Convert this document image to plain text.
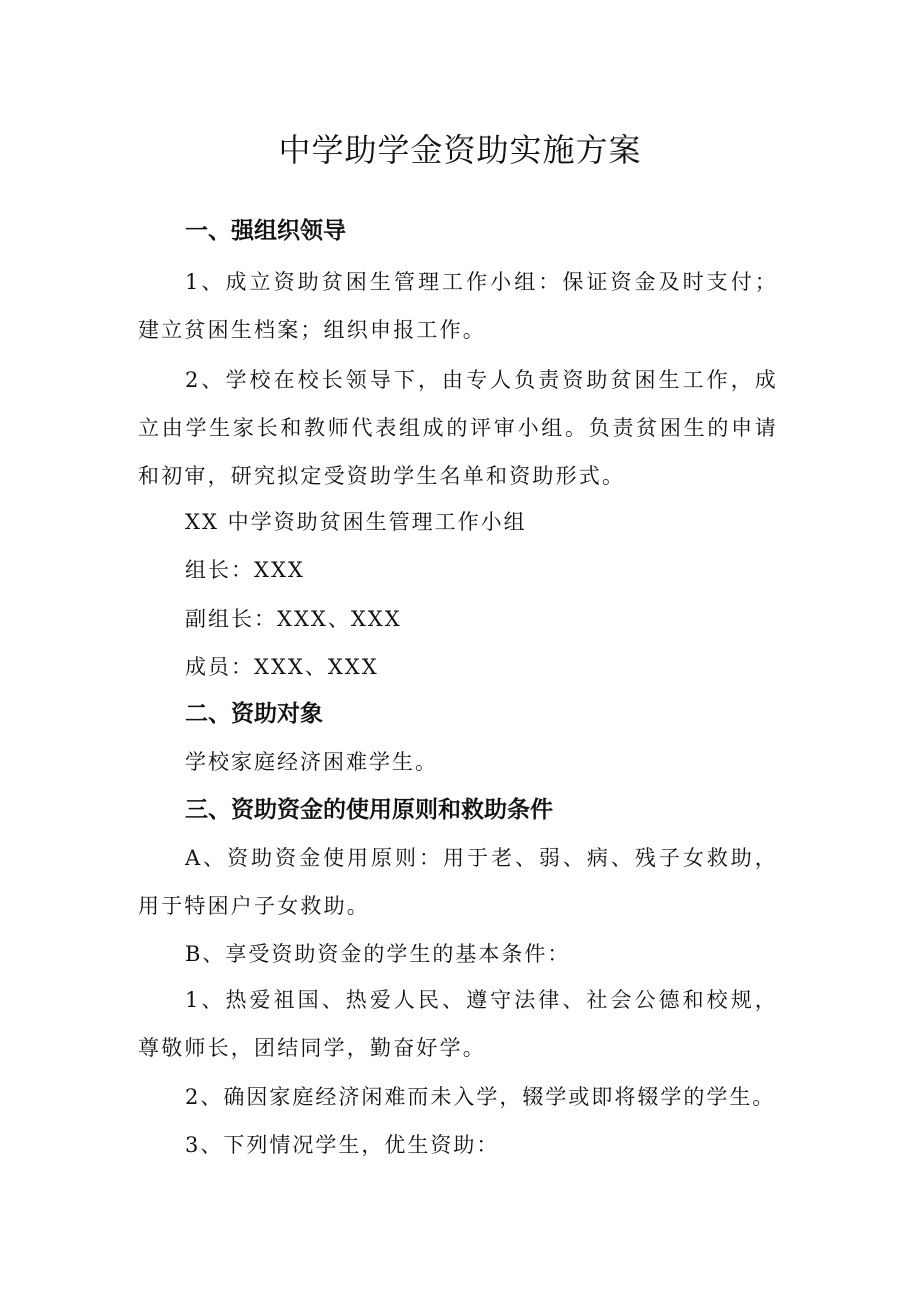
中学助学金资助实施方案
一、强组织领导

1、成立资助贫困生管理工作小组：保证资金及时支付；建立贫困生档案；组织申报工作。

2、学校在校长领导下，由专人负责资助贫困生工作，成立由学生家长和教师代表组成的评审小组。负责贫困生的申请和初审，研究拟定受资助学生名单和资助形式。

XX 中学资助贫困生管理工作小组

组长：XXX

副组长：XXX、XXX

成员：XXX、XXX

二、资助对象

学校家庭经济困难学生。

三、资助资金的使用原则和救助条件

A、资助资金使用原则：用于老、弱、病、残子女救助，用于特困户子女救助。

B、享受资助资金的学生的基本条件：

1、热爱祖国、热爱人民、遵守法律、社会公德和校规，尊敬师长，团结同学，勤奋好学。

2、确因家庭经济闲难而未入学，辍学或即将辍学的学生。

3、下列情况学生，优生资助：
